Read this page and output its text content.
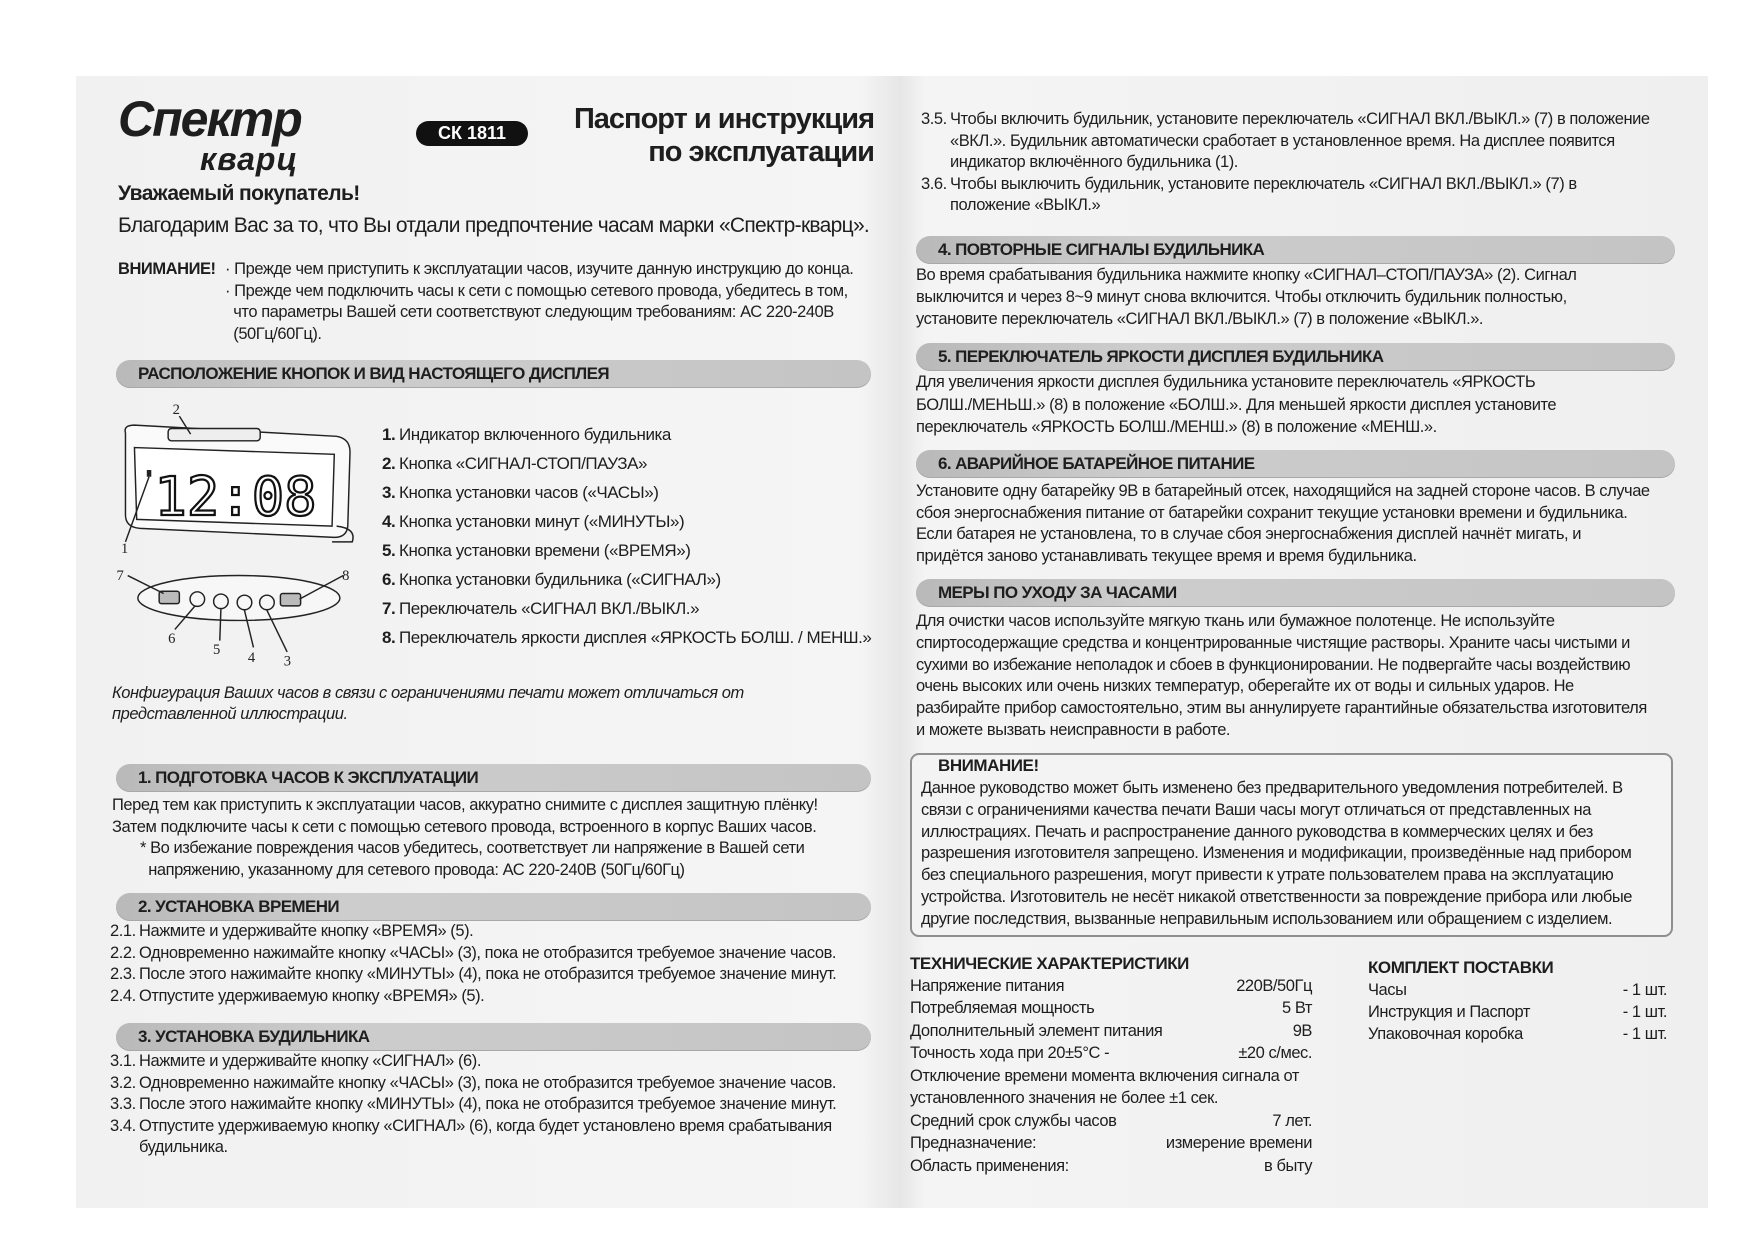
Спектр
кварц
СК 1811	Паспорт и инструкция
по эксплуатации
Уважаемый покупатель!
Благодарим Вас за то, что Вы отдали предпочтение часам марки «Спектр-кварц».
ВНИМАНИЕ! · Прежде чем приступить к эксплуатации часов, изучите данную инструкцию до конца.
· Прежде чем подключить часы к сети с помощью сетевого провода, убедитесь в том,
что параметры Вашей сети соответствуют следующим требованиям: АС 220-240В
(50Гц/60Гц).
РАСПОЛОЖЕНИЕ КНОПОК И ВИД НАСТОЯЩЕГО ДИСПЛЕЯ
12:08
1
2
3
4
5
6
7	8
1. Индикатор включенного будильника
2. Кнопка «СИГНАЛ-СТОП/ПАУЗА»
3. Кнопка установки часов («ЧАСЫ»)
4. Кнопка установки минут («МИНУТЫ»)
5. Кнопка установки времени («ВРЕМЯ»)
6. Кнопка установки будильника («СИГНАЛ»)
7. Переключатель «СИГНАЛ ВКЛ./ВЫКЛ.»
8. Переключатель яркости дисплея «ЯРКОСТЬ БОЛШ. / МЕНШ.»
Конфигурация Ваших часов в связи с ограничениями печати может отличаться от
представленной иллюстрации.
1. ПОДГОТОВКА ЧАСОВ К ЭКСПЛУАТАЦИИ
Перед тем как приступить к эксплуатации часов, аккуратно снимите с дисплея защитную плёнку!
Затем подключите часы к сети с помощью сетевого провода, встроенного в корпус Ваших часов.
* Во избежание повреждения часов убедитесь, соответствует ли напряжение в Вашей сети
напряжению, указанному для сетевого провода: АС 220-240В (50Гц/60Гц)
2. УСТАНОВКА ВРЕМЕНИ
2.1. Нажмите и удерживайте кнопку «ВРЕМЯ» (5).
2.2. Одновременно нажимайте кнопку «ЧАСЫ» (3), пока не отобразится требуемое значение часов.
2.3. После этого нажимайте кнопку «МИНУТЫ» (4), пока не отобразится требуемое значение минут.
2.4. Отпустите удерживаемую кнопку «ВРЕМЯ» (5).
3. УСТАНОВКА БУДИЛЬНИКА
3.1. Нажмите и удерживайте кнопку «СИГНАЛ» (6).
3.2. Одновременно нажимайте кнопку «ЧАСЫ» (3), пока не отобразится требуемое значение часов.
3.3. После этого нажимайте кнопку «МИНУТЫ» (4), пока не отобразится требуемое значение минут.
3.4. Отпустите удерживаемую кнопку «СИГНАЛ» (6), когда будет установлено время срабатывания
будильника.
3.5. Чтобы включить будильник, установите переключатель «СИГНАЛ ВКЛ./ВЫКЛ.» (7) в положение
«ВКЛ.». Будильник автоматически сработает в установленное время. На дисплее появится
индикатор включённого будильника (1).
3.6. Чтобы выключить будильник, установите переключатель «СИГНАЛ ВКЛ./ВЫКЛ.» (7) в
положение «ВЫКЛ.»
4. ПОВТОРНЫЕ СИГНАЛЫ БУДИЛЬНИКА
Во время срабатывания будильника нажмите кнопку «СИГНАЛ–СТОП/ПАУЗА» (2). Сигнал
выключится и через 8~9 минут снова включится. Чтобы отключить будильник полностью,
установите переключатель «СИГНАЛ ВКЛ./ВЫКЛ.» (7) в положение «ВЫКЛ.».
5. ПЕРЕКЛЮЧАТЕЛЬ ЯРКОСТИ ДИСПЛЕЯ БУДИЛЬНИКА
Для увеличения яркости дисплея будильника установите переключатель «ЯРКОСТЬ
БОЛШ./МЕНЬШ.» (8) в положение «БОЛШ.». Для меньшей яркости дисплея установите
переключатель «ЯРКОСТЬ БОЛШ./МЕНШ.» (8) в положение «МЕНШ.».
6. АВАРИЙНОЕ БАТАРЕЙНОЕ ПИТАНИЕ
Установите одну батарейку 9В в батарейный отсек, находящийся на задней стороне часов. В случае
сбоя энергоснабжения питание от батарейки сохранит текущие установки времени и будильника.
Если батарея не установлена, то в случае сбоя энергоснабжения дисплей начнёт мигать, и
придётся заново устанавливать текущее время и время будильника.
МЕРЫ ПО УХОДУ ЗА ЧАСАМИ
Для очистки часов используйте мягкую ткань или бумажное полотенце. Не используйте
спиртосодержащие средства и концентрированные чистящие растворы. Храните часы чистыми и
сухими во избежание неполадок и сбоев в функционировании. Не подвергайте часы воздействию
очень высоких или очень низких температур, оберегайте их от воды и сильных ударов. Не
разбирайте прибор самостоятельно, этим вы аннулируете гарантийные обязательства изготовителя
и можете вызвать неисправности в работе.
ВНИМАНИЕ!
Данное руководство может быть изменено без предварительного уведомления потребителей. В
связи с ограничениями качества печати Ваши часы могут отличаться от представленных на
иллюстрациях. Печать и распространение данного руководства в коммерческих целях и без
разрешения изготовителя запрещено. Изменения и модификации, произведённые над прибором
без специального разрешения, могут привести к утрате пользователем права на эксплуатацию
устройства. Изготовитель не несёт никакой ответственности за повреждение прибора или любые
другие последствия, вызванные неправильным использованием или обращением с изделием.
ТЕХНИЧЕСКИЕ ХАРАКТЕРИСТИКИ
Напряжение питания	220В/50Гц
Потребляемая мощность	5 Вт
Дополнительный элемент питания	9В
Точность хода при 20±5°С -	±20 с/мес.
Отключение времени момента включения сигнала от
установленного значения не более ±1 сек.
Средний срок службы часов	7 лет.
Предназначение:	измерение времени
Область применения:	в быту
КОМПЛЕКТ ПОСТАВКИ
Часы	- 1 шт.
Инструкция и Паспорт	- 1 шт.
Упаковочная коробка	- 1 шт.
